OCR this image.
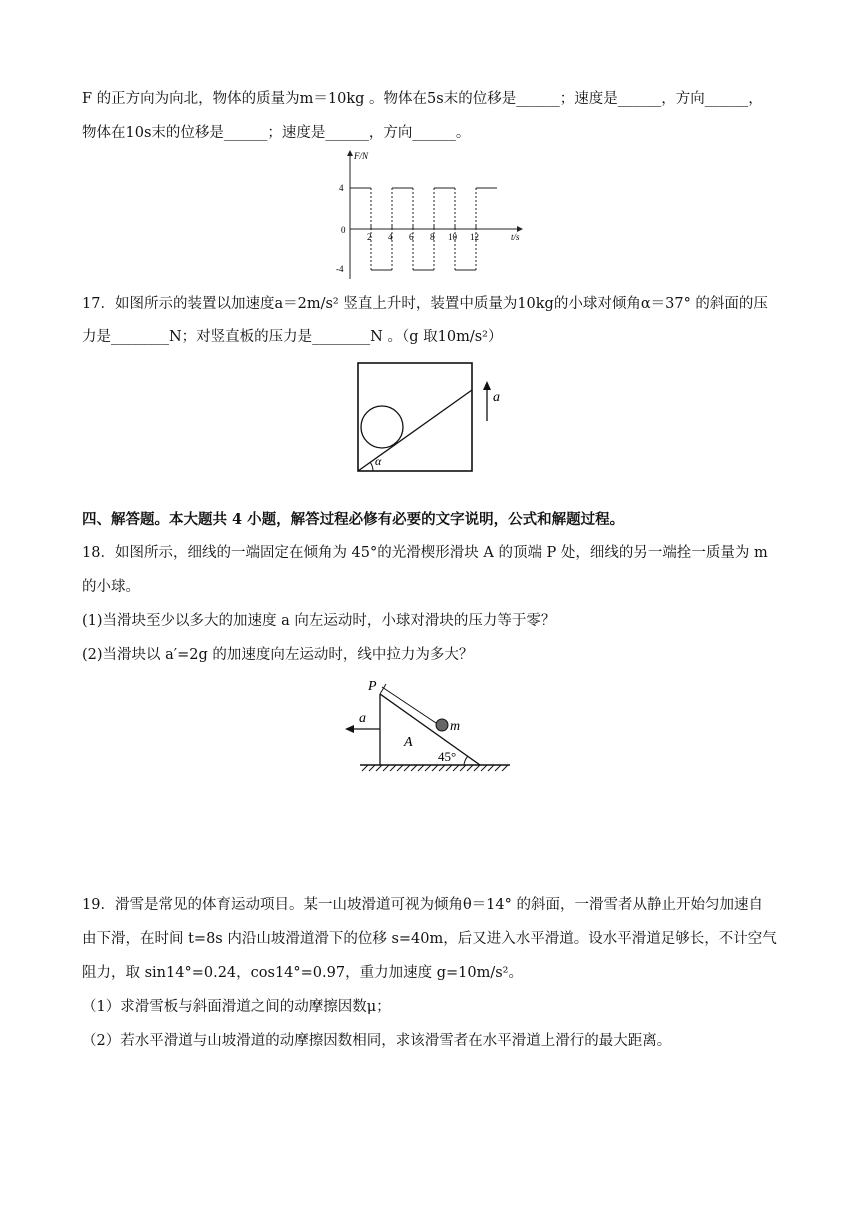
F 的正方向为向北，物体的质量为m＝10kg 。物体在5s末的位移是______；速度是______，方向______，
物体在10s末的位移是______；速度是______，方向______。
F/N
t/s
4
0
-4
2 4 6 8 10 12
17．如图所示的装置以加速度a＝2m/s² 竖直上升时，装置中质量为10kg的小球对倾角α＝37° 的斜面的压
力是________N；对竖直板的压力是________N 。（g 取10m/s²）
α
a
四、解答题。本大题共 4 小题，解答过程必修有必要的文字说明，公式和解题过程。
18．如图所示，细线的一端固定在倾角为 45°的光滑楔形滑块 A 的顶端 P 处，细线的另一端拴一质量为 m
的小球。
(1)当滑块至少以多大的加速度 a 向左运动时，小球对滑块的压力等于零？
(2)当滑块以 a′=2g 的加速度向左运动时，线中拉力为多大？
P
m
A
45°
a
19．滑雪是常见的体育运动项目。某一山坡滑道可视为倾角θ＝14° 的斜面，一滑雪者从静止开始匀加速自
由下滑，在时间 t=8s 内沿山坡滑道滑下的位移 s=40m，后又进入水平滑道。设水平滑道足够长，不计空气
阻力，取 sin14°=0.24，cos14°=0.97，重力加速度 g=10m/s²。
（1）求滑雪板与斜面滑道之间的动摩擦因数μ；
（2）若水平滑道与山坡滑道的动摩擦因数相同，求该滑雪者在水平滑道上滑行的最大距离。
